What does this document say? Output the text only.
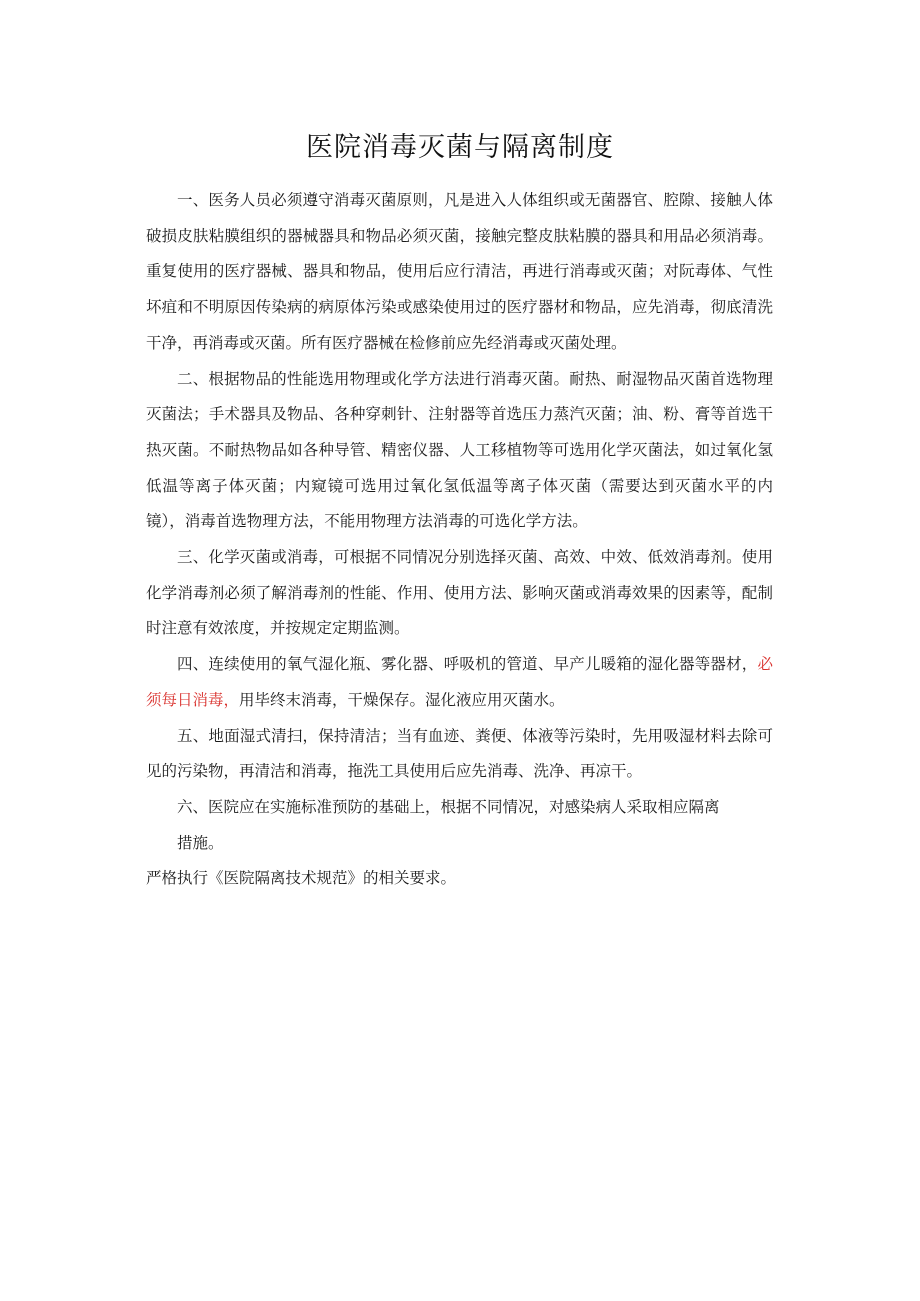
医院消毒灭菌与隔离制度

一、医务人员必须遵守消毒灭菌原则，凡是进入人体组织或无菌器官、腔隙、接触人体破损皮肤粘膜组织的器械器具和物品必须灭菌，接触完整皮肤粘膜的器具和用品必须消毒。重复使用的医疗器械、器具和物品，使用后应行清洁，再进行消毒或灭菌；对阮毒体、气性坏疽和不明原因传染病的病原体污染或感染使用过的医疗器材和物品，应先消毒，彻底清洗干净，再消毒或灭菌。所有医疗器械在检修前应先经消毒或灭菌处理。

二、根据物品的性能选用物理或化学方法进行消毒灭菌。耐热、耐湿物品灭菌首选物理灭菌法；手术器具及物品、各种穿刺针、注射器等首选压力蒸汽灭菌；油、粉、膏等首选干热灭菌。不耐热物品如各种导管、精密仪器、人工移植物等可选用化学灭菌法，如过氧化氢低温等离子体灭菌；内窥镜可选用过氧化氢低温等离子体灭菌（需要达到灭菌水平的内镜），消毒首选物理方法，不能用物理方法消毒的可选化学方法。

三、化学灭菌或消毒，可根据不同情况分别选择灭菌、高效、中效、低效消毒剂。使用化学消毒剂必须了解消毒剂的性能、作用、使用方法、影响灭菌或消毒效果的因素等，配制时注意有效浓度，并按规定定期监测。

四、连续使用的氧气湿化瓶、雾化器、呼吸机的管道、早产儿暖箱的湿化器等器材，必须每日消毒，用毕终末消毒，干燥保存。湿化液应用灭菌水。

五、地面湿式清扫，保持清洁；当有血迹、粪便、体液等污染时，先用吸湿材料去除可见的污染物，再清洁和消毒，拖洗工具使用后应先消毒、洗净、再凉干。

六、医院应在实施标准预防的基础上，根据不同情况，对感染病人采取相应隔离
措施。

严格执行《医院隔离技术规范》的相关要求。
